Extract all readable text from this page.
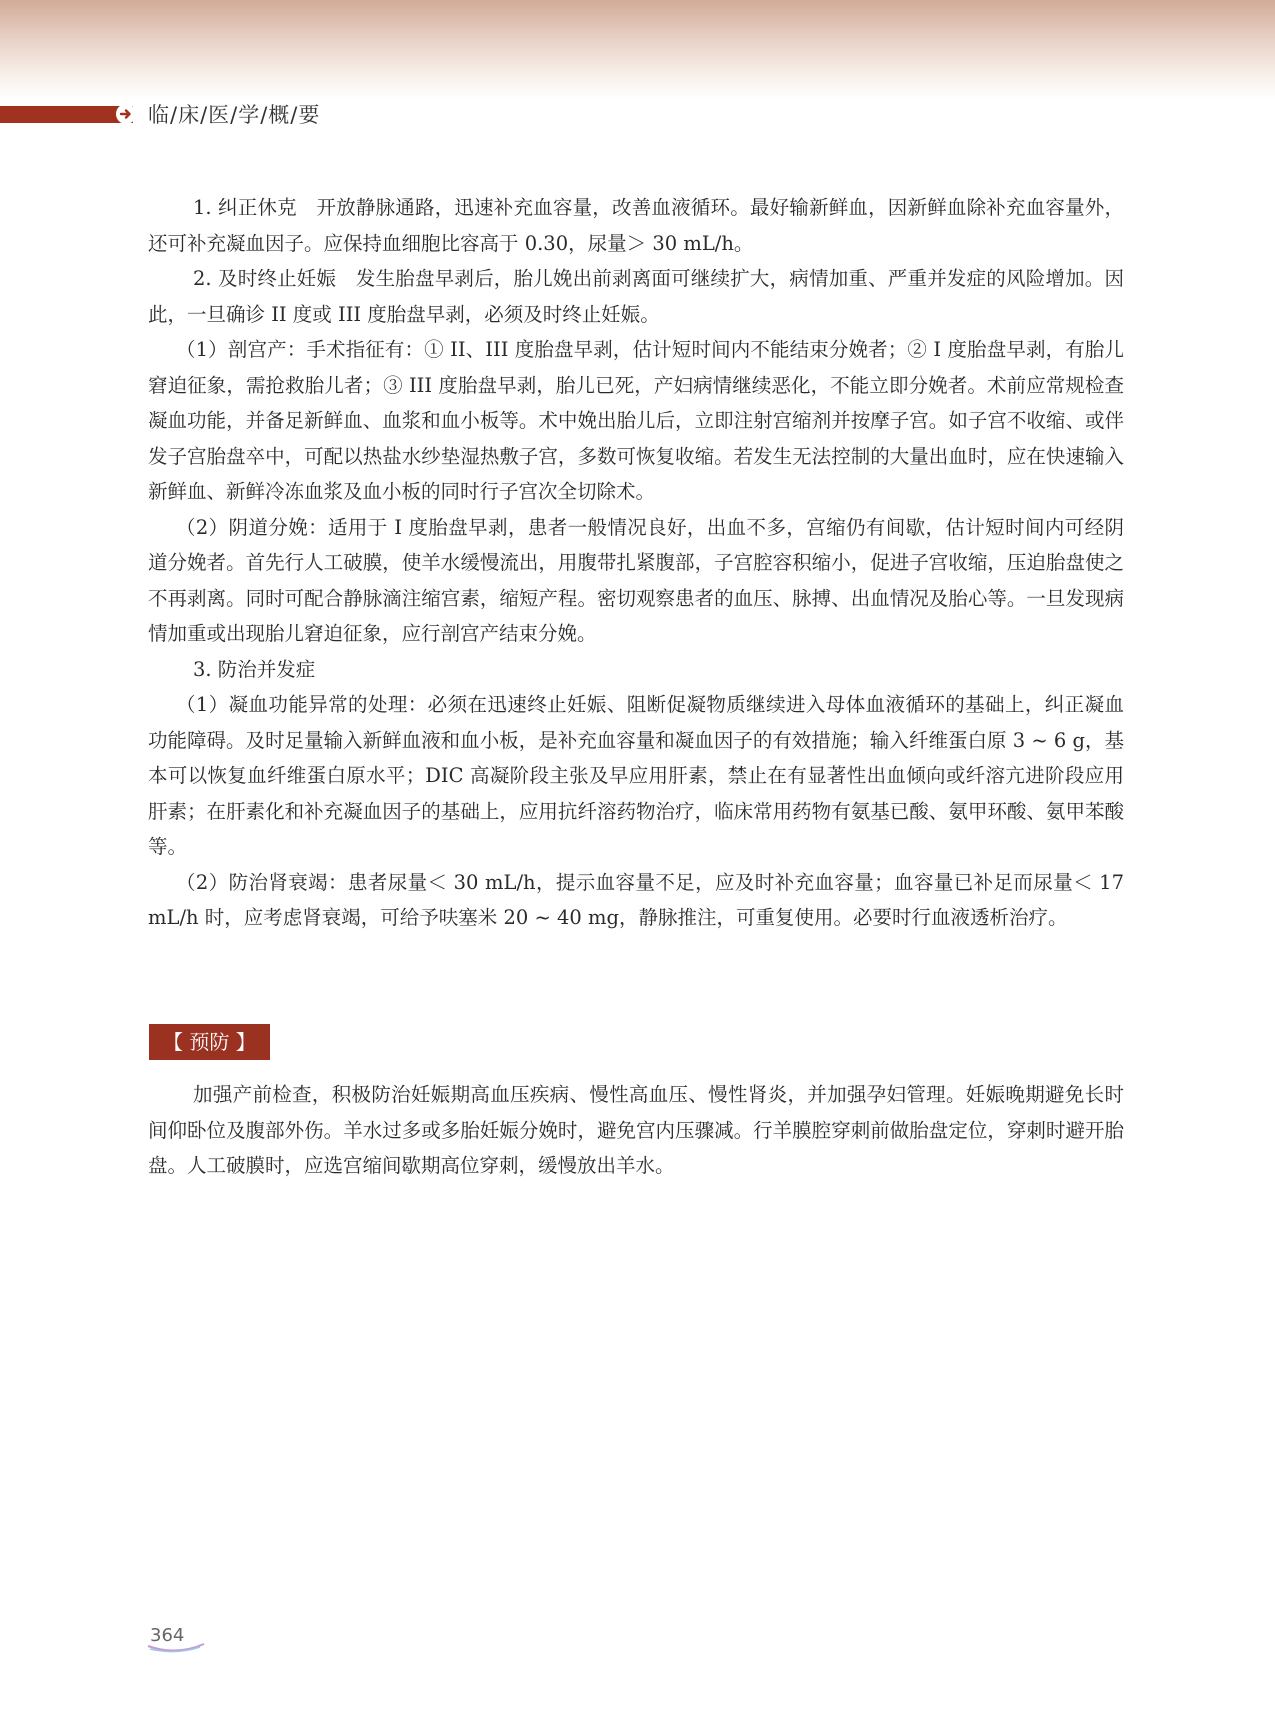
临/床/医/学/概/要

1. 纠正休克　开放静脉通路，迅速补充血容量，改善血液循环。最好输新鲜血，因新鲜血除补充血容量外，还可补充凝血因子。应保持血细胞比容高于 0.30，尿量＞ 30 mL/h。

2. 及时终止妊娠　发生胎盘早剥后，胎儿娩出前剥离面可继续扩大，病情加重、严重并发症的风险增加。因此，一旦确诊 II 度或 III 度胎盘早剥，必须及时终止妊娠。

（1）剖宫产：手术指征有：① II、III 度胎盘早剥，估计短时间内不能结束分娩者；② I 度胎盘早剥，有胎儿窘迫征象，需抢救胎儿者；③ III 度胎盘早剥，胎儿已死，产妇病情继续恶化，不能立即分娩者。术前应常规检查凝血功能，并备足新鲜血、血浆和血小板等。术中娩出胎儿后，立即注射宫缩剂并按摩子宫。如子宫不收缩、或伴发子宫胎盘卒中，可配以热盐水纱垫湿热敷子宫，多数可恢复收缩。若发生无法控制的大量出血时，应在快速输入新鲜血、新鲜冷冻血浆及血小板的同时行子宫次全切除术。

（2）阴道分娩：适用于 I 度胎盘早剥，患者一般情况良好，出血不多，宫缩仍有间歇，估计短时间内可经阴道分娩者。首先行人工破膜，使羊水缓慢流出，用腹带扎紧腹部，子宫腔容积缩小，促进子宫收缩，压迫胎盘使之不再剥离。同时可配合静脉滴注缩宫素，缩短产程。密切观察患者的血压、脉搏、出血情况及胎心等。一旦发现病情加重或出现胎儿窘迫征象，应行剖宫产结束分娩。

3. 防治并发症

（1）凝血功能异常的处理：必须在迅速终止妊娠、阻断促凝物质继续进入母体血液循环的基础上，纠正凝血功能障碍。及时足量输入新鲜血液和血小板，是补充血容量和凝血因子的有效措施；输入纤维蛋白原 3 ~ 6 g，基本可以恢复血纤维蛋白原水平；DIC 高凝阶段主张及早应用肝素，禁止在有显著性出血倾向或纤溶亢进阶段应用肝素；在肝素化和补充凝血因子的基础上，应用抗纤溶药物治疗，临床常用药物有氨基已酸、氨甲环酸、氨甲苯酸等。

（2）防治肾衰竭：患者尿量＜ 30 mL/h，提示血容量不足，应及时补充血容量；血容量已补足而尿量＜ 17 mL/h 时，应考虑肾衰竭，可给予呋塞米 20 ~ 40 mg，静脉推注，可重复使用。必要时行血液透析治疗。

【 预防 】

加强产前检查，积极防治妊娠期高血压疾病、慢性高血压、慢性肾炎，并加强孕妇管理。妊娠晚期避免长时间仰卧位及腹部外伤。羊水过多或多胎妊娠分娩时，避免宫内压骤减。行羊膜腔穿刺前做胎盘定位，穿刺时避开胎盘。人工破膜时，应选宫缩间歇期高位穿刺，缓慢放出羊水。

364
